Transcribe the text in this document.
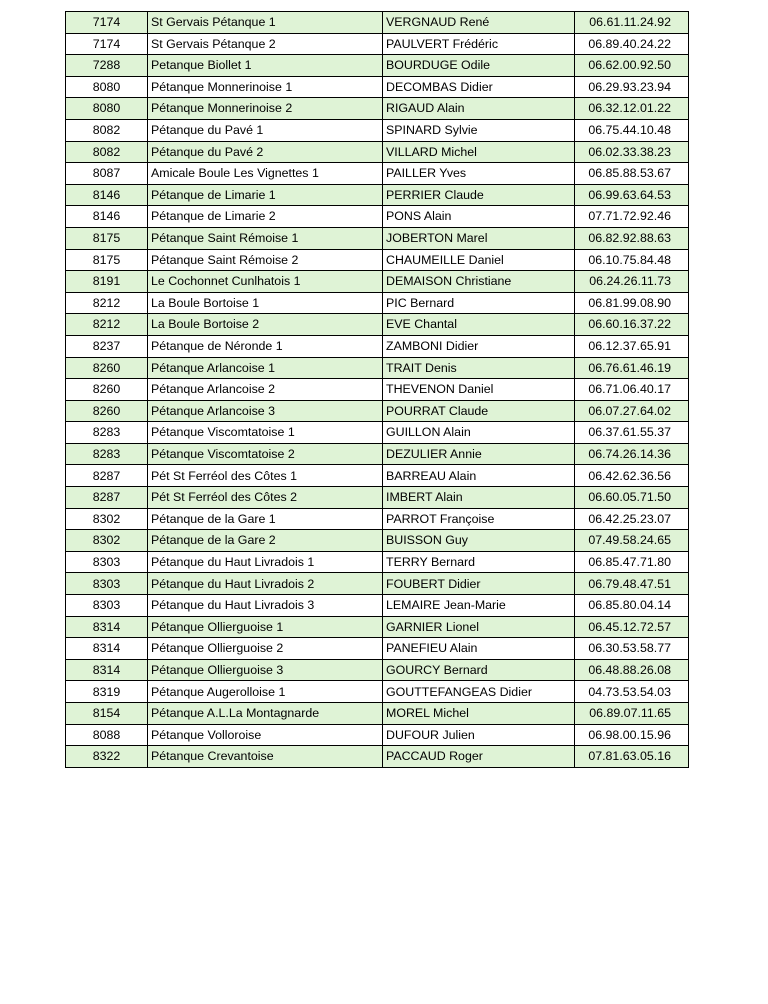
7174	St Gervais Pétanque 1	VERGNAUD René	06.61.11.24.92
7174	St Gervais Pétanque 2	PAULVERT Frédéric	06.89.40.24.22
7288	Petanque Biollet 1	BOURDUGE Odile	06.62.00.92.50
8080	Pétanque Monnerinoise 1	DECOMBAS Didier	06.29.93.23.94
8080	Pétanque Monnerinoise 2	RIGAUD Alain	06.32.12.01.22
8082	Pétanque du Pavé 1	SPINARD Sylvie	06.75.44.10.48
8082	Pétanque du Pavé 2	VILLARD Michel	06.02.33.38.23
8087	Amicale Boule Les Vignettes 1	PAILLER Yves	06.85.88.53.67
8146	Pétanque de Limarie 1	PERRIER Claude	06.99.63.64.53
8146	Pétanque de Limarie 2	PONS Alain	07.71.72.92.46
8175	Pétanque Saint Rémoise 1	JOBERTON Marel	06.82.92.88.63
8175	Pétanque Saint Rémoise 2	CHAUMEILLE Daniel	06.10.75.84.48
8191	Le Cochonnet Cunlhatois 1	DEMAISON Christiane	06.24.26.11.73
8212	La Boule Bortoise 1	PIC Bernard	06.81.99.08.90
8212	La Boule Bortoise 2	EVE Chantal	06.60.16.37.22
8237	Pétanque de Néronde 1	ZAMBONI Didier	06.12.37.65.91
8260	Pétanque Arlancoise 1	TRAIT Denis	06.76.61.46.19
8260	Pétanque Arlancoise 2	THEVENON Daniel	06.71.06.40.17
8260	Pétanque Arlancoise 3	POURRAT Claude	06.07.27.64.02
8283	Pétanque Viscomtatoise 1	GUILLON Alain	06.37.61.55.37
8283	Pétanque Viscomtatoise 2	DEZULIER Annie	06.74.26.14.36
8287	Pét St Ferréol des Côtes 1	BARREAU Alain	06.42.62.36.56
8287	Pét St Ferréol des Côtes 2	IMBERT Alain	06.60.05.71.50
8302	Pétanque de la Gare 1	PARROT Françoise	06.42.25.23.07
8302	Pétanque de la Gare 2	BUISSON Guy	07.49.58.24.65
8303	Pétanque du Haut Livradois 1	TERRY Bernard	06.85.47.71.80
8303	Pétanque du Haut Livradois 2	FOUBERT Didier	06.79.48.47.51
8303	Pétanque du Haut Livradois 3	LEMAIRE Jean-Marie	06.85.80.04.14
8314	Pétanque Ollierguoise 1	GARNIER Lionel	06.45.12.72.57
8314	Pétanque Ollierguoise 2	PANEFIEU Alain	06.30.53.58.77
8314	Pétanque Ollierguoise 3	GOURCY Bernard	06.48.88.26.08
8319	Pétanque Augerolloise 1	GOUTTEFANGEAS Didier	04.73.53.54.03
8154	Pétanque A.L.La Montagnarde	MOREL Michel	06.89.07.11.65
8088	Pétanque Volloroise	DUFOUR Julien	06.98.00.15.96
8322	Pétanque Crevantoise	PACCAUD Roger	07.81.63.05.16
